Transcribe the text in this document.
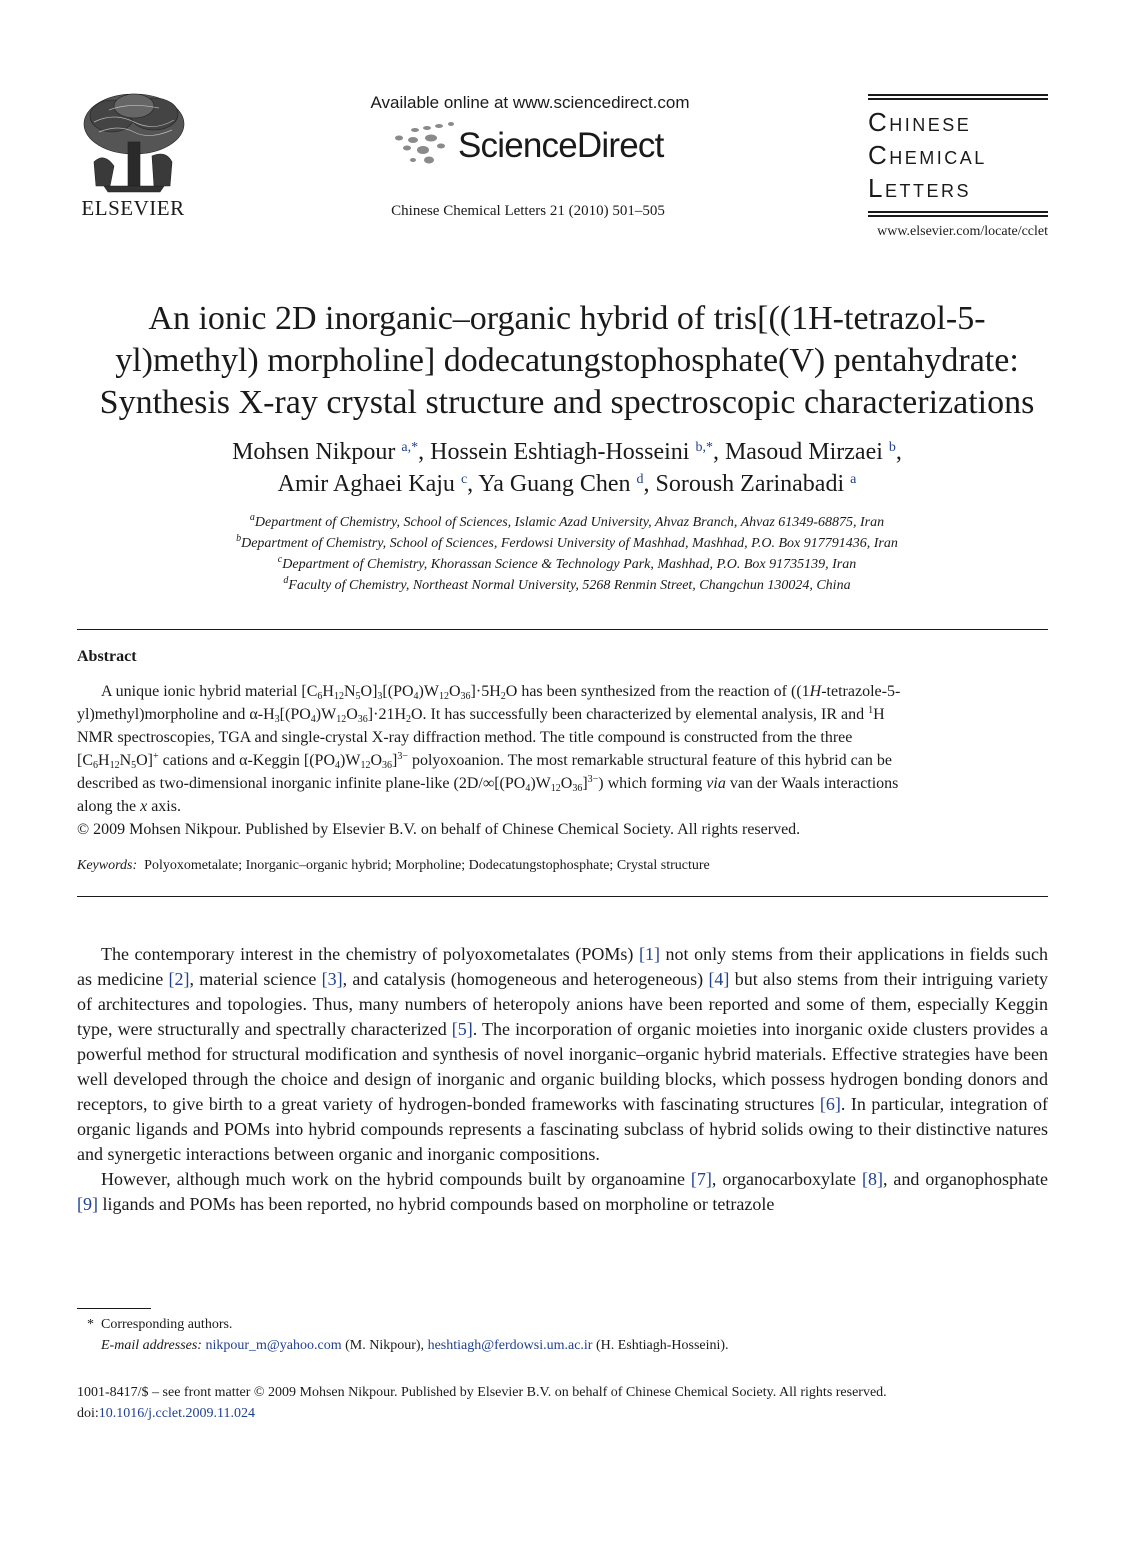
ELSEVIER
Available online at www.sciencedirect.com
ScienceDirect
Chinese Chemical Letters 21 (2010) 501–505
Chinese
Chemical
Letters
www.elsevier.com/locate/cclet
An ionic 2D inorganic–organic hybrid of tris[((1H-tetrazol-5-
yl)methyl) morpholine] dodecatungstophosphate(V) pentahydrate:
Synthesis X-ray crystal structure and spectroscopic characterizations
Mohsen Nikpour $^{a,*}$, Hossein Eshtiagh-Hosseini $^{b,*}$, Masoud Mirzaei $^b$,
Amir Aghaei Kaju $^c$, Ya Guang Chen $^d$, Soroush Zarinabadi $^a$
$^a$Department of Chemistry, School of Sciences, Islamic Azad University, Ahvaz Branch, Ahvaz 61349-68875, Iran
$^b$Department of Chemistry, School of Sciences, Ferdowsi University of Mashhad, Mashhad, P.O. Box 917791436, Iran
$^c$Department of Chemistry, Khorassan Science & Technology Park, Mashhad, P.O. Box 91735139, Iran
$^d$Faculty of Chemistry, Northeast Normal University, 5268 Renmin Street, Changchun 130024, China
Abstract
A unique ionic hybrid material $[C_6H_{12}N_5O]_3[(PO_4)W_{12}O_{36}]\cdot 5H_2O$ has been synthesized from the reaction of ((1H-tetrazole-5-
yl)methyl)morpholine and $\alpha-H_3[(PO_4)W_{12}O_{36}]\cdot 21H_2O$. It has successfully been characterized by elemental analysis, IR and $^1$H
NMR spectroscopies, TGA and single-crystal X-ray diffraction method. The title compound is constructed from the three
$[C_6H_{12}N_5O]^+$ cations and α-Keggin $[(PO_4)W_{12}O_{36}]^{3-}$ polyoxoanion. The most remarkable structural feature of this hybrid can be
described as two-dimensional inorganic infinite plane-like $(2D/\infty[(PO_4)W_{12}O_{36}]^{3-})$ which forming via van der Waals interactions
along the x axis.
© 2009 Mohsen Nikpour. Published by Elsevier B.V. on behalf of Chinese Chemical Society. All rights reserved.
Keywords: Polyoxometalate; Inorganic–organic hybrid; Morpholine; Dodecatungstophosphate; Crystal structure

The contemporary interest in the chemistry of polyoxometalates (POMs) [1] not only stems from their applications in fields such as medicine [2], material science [3], and catalysis (homogeneous and heterogeneous) [4] but also stems from their intriguing variety of architectures and topologies. Thus, many numbers of heteropoly anions have been reported and some of them, especially Keggin type, were structurally and spectrally characterized [5]. The incorporation of organic moieties into inorganic oxide clusters provides a powerful method for structural modification and synthesis of novel inorganic–organic hybrid materials. Effective strategies have been well developed through the choice and design of inorganic and organic building blocks, which possess hydrogen bonding donors and receptors, to give birth to a great variety of hydrogen-bonded frameworks with fascinating structures [6]. In particular, integration of organic ligands and POMs into hybrid compounds represents a fascinating subclass of hybrid solids owing to their distinctive natures and synergetic interactions between organic and inorganic compositions.

However, although much work on the hybrid compounds built by organoamine [7], organocarboxylate [8], and organophosphate [9] ligands and POMs has been reported, no hybrid compounds based on morpholine or tetrazole

* Corresponding authors.
E-mail addresses: nikpour_m@yahoo.com (M. Nikpour), heshtiagh@ferdowsi.um.ac.ir (H. Eshtiagh-Hosseini).
1001-8417/$ – see front matter © 2009 Mohsen Nikpour. Published by Elsevier B.V. on behalf of Chinese Chemical Society. All rights reserved.
doi:10.1016/j.cclet.2009.11.024
